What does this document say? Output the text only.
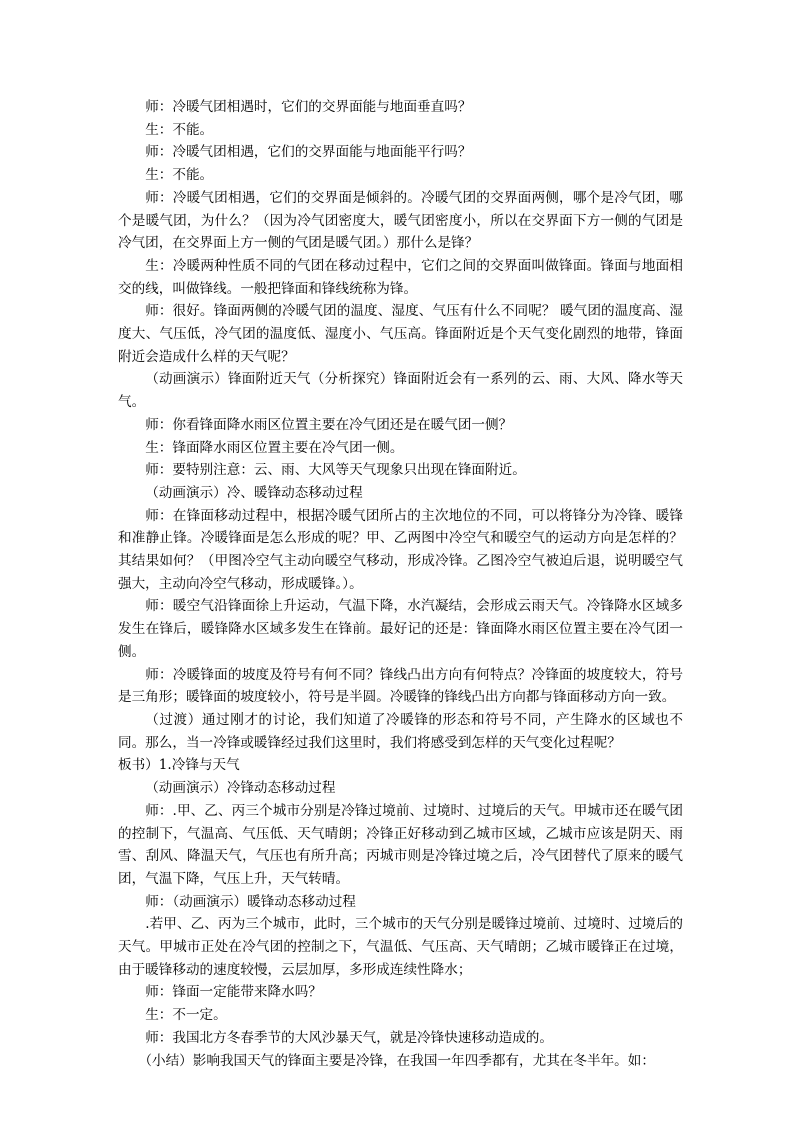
师：冷暖气团相遇时，它们的交界面能与地面垂直吗？

生：不能。

师：冷暖气团相遇，它们的交界面能与地面能平行吗？

生：不能。

师：冷暖气团相遇，它们的交界面是倾斜的。冷暖气团的交界面两侧，哪个是冷气团，哪个是暖气团，为什么？（因为冷气团密度大，暖气团密度小，所以在交界面下方一侧的气团是冷气团，在交界面上方一侧的气团是暖气团。）那什么是锋？

生：冷暖两种性质不同的气团在移动过程中，它们之间的交界面叫做锋面。锋面与地面相交的线，叫做锋线。一般把锋面和锋线统称为锋。

师：很好。锋面两侧的冷暖气团的温度、湿度、气压有什么不同呢？ 暖气团的温度高、湿度大、气压低，冷气团的温度低、湿度小、气压高。锋面附近是个天气变化剧烈的地带，锋面附近会造成什么样的天气呢？

（动画演示）锋面附近天气（分析探究）锋面附近会有一系列的云、雨、大风、降水等天气。

师：你看锋面降水雨区位置主要在冷气团还是在暖气团一侧？

生：锋面降水雨区位置主要在冷气团一侧。

师：要特别注意：云、雨、大风等天气现象只出现在锋面附近。

（动画演示）冷、暖锋动态移动过程

师：在锋面移动过程中，根据冷暖气团所占的主次地位的不同，可以将锋分为冷锋、暖锋和准静止锋。冷暖锋面是怎么形成的呢？甲、乙两图中冷空气和暖空气的运动方向是怎样的？其结果如何？（甲图冷空气主动向暖空气移动，形成冷锋。乙图冷空气被迫后退，说明暖空气强大，主动向冷空气移动，形成暖锋。）。

师：暖空气沿锋面徐上升运动，气温下降，水汽凝结，会形成云雨天气。冷锋降水区域多发生在锋后，暖锋降水区域多发生在锋前。最好记的还是：锋面降水雨区位置主要在冷气团一侧。

师：冷暖锋面的坡度及符号有何不同？锋线凸出方向有何特点？冷锋面的坡度较大，符号是三角形；暖锋面的坡度较小，符号是半圆。冷暖锋的锋线凸出方向都与锋面移动方向一致。

（过渡）通过刚才的讨论，我们知道了冷暖锋的形态和符号不同，产生降水的区域也不同。那么，当一冷锋或暖锋经过我们这里时，我们将感受到怎样的天气变化过程呢？

板书）1.冷锋与天气

（动画演示）冷锋动态移动过程

师：.甲、乙、丙三个城市分别是冷锋过境前、过境时、过境后的天气。甲城市还在暖气团的控制下，气温高、气压低、天气晴朗；冷锋正好移动到乙城市区域，乙城市应该是阴天、雨雪、刮风、降温天气，气压也有所升高；丙城市则是冷锋过境之后，冷气团替代了原来的暖气团，气温下降，气压上升，天气转晴。

师：（动画演示）暖锋动态移动过程

.若甲、乙、丙为三个城市，此时，三个城市的天气分别是暖锋过境前、过境时、过境后的天气。甲城市正处在冷气团的控制之下，气温低、气压高、天气晴朗；乙城市暖锋正在过境，由于暖锋移动的速度较慢，云层加厚，多形成连续性降水；

师：锋面一定能带来降水吗？

生：不一定。

师：我国北方冬春季节的大风沙暴天气，就是冷锋快速移动造成的。

（小结）影响我国天气的锋面主要是冷锋，在我国一年四季都有，尤其在冬半年。如：
